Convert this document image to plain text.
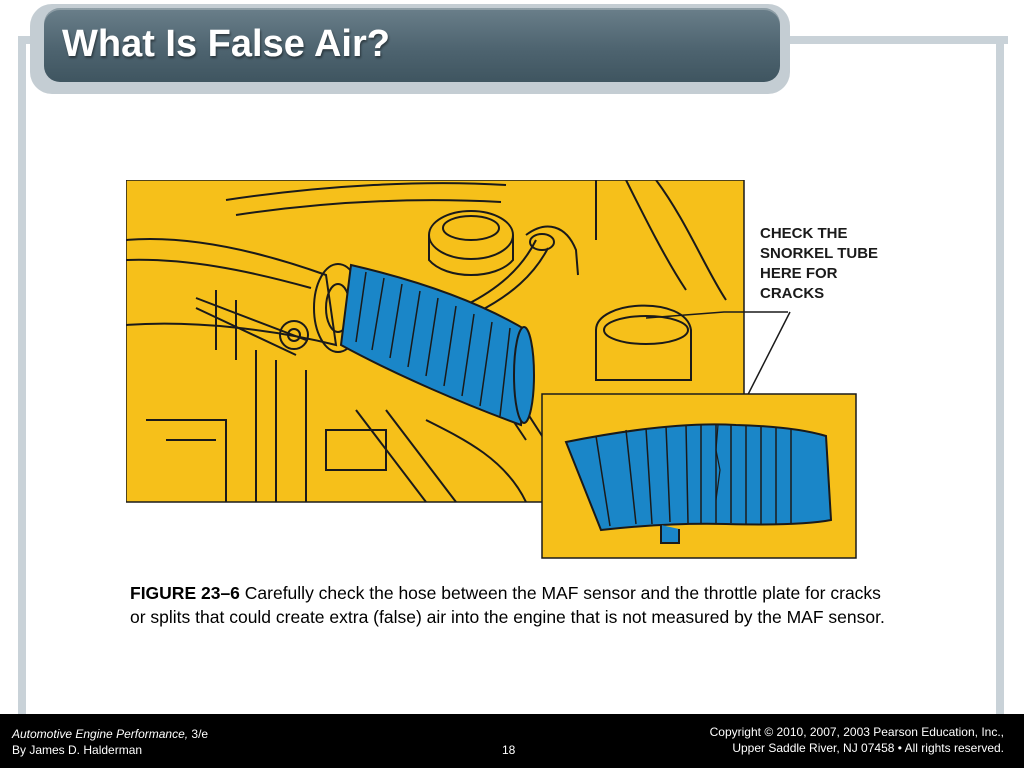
What Is False Air?
CHECK THE SNORKEL TUBE HERE FOR CRACKS
FIGURE 23–6 Carefully check the hose between the MAF sensor and the throttle plate for cracks or splits that could create extra (false) air into the engine that is not measured by the MAF sensor.
Automotive Engine Performance, 3/e
By James D. Halderman	18
Copyright © 2010, 2007, 2003 Pearson Education, Inc.,
Upper Saddle River, NJ 07458 • All rights reserved.
